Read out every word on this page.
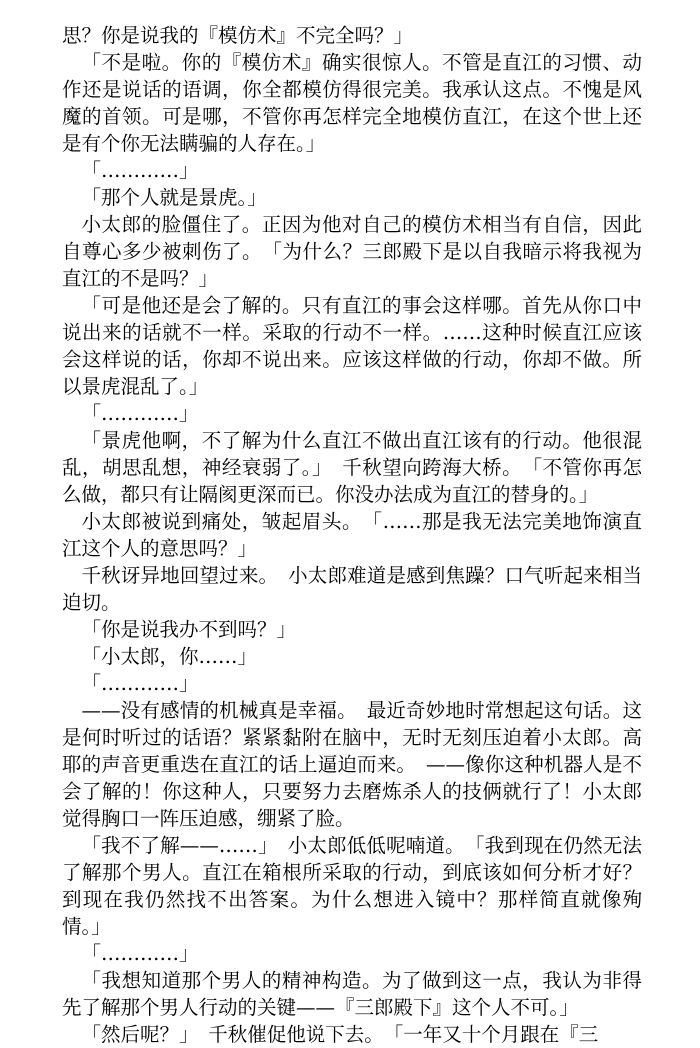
思？你是说我的『模仿术』不完全吗？」

「不是啦。你的『模仿术』确实很惊人。不管是直江的习惯、动作还是说话的语调，你全都模仿得很完美。我承认这点。不愧是风魔的首领。可是哪，不管你再怎样完全地模仿直江，在这个世上还是有个你无法瞒骗的人存在。」

「…………」

「那个人就是景虎。」

小太郎的脸僵住了。正因为他对自己的模仿术相当有自信，因此自尊心多少被刺伤了。　「为什么？三郎殿下是以自我暗示将我视为直江的不是吗？」

「可是他还是会了解的。只有直江的事会这样哪。首先从你口中说出来的话就不一样。采取的行动不一样。……这种时候直江应该会这样说的话，你却不说出来。应该这样做的行动，你却不做。所以景虎混乱了。」

「…………」

「景虎他啊，不了解为什么直江不做出直江该有的行动。他很混乱，胡思乱想，神经衰弱了。」　千秋望向跨海大桥。　「不管你再怎么做，都只有让隔阂更深而已。你没办法成为直江的替身的。」

小太郎被说到痛处，皱起眉头。　「……那是我无法完美地饰演直江这个人的意思吗？」

千秋讶异地回望过来。　小太郎难道是感到焦躁？口气听起来相当迫切。

「你是说我办不到吗？」

「小太郎，你……」

「…………」

——没有感情的机械真是幸福。　最近奇妙地时常想起这句话。这是何时听过的话语？紧紧黏附在脑中，无时无刻压迫着小太郎。高耶的声音更重迭在直江的话上逼迫而来。　——像你这种机器人是不会了解的！你这种人，只要努力去磨炼杀人的技俩就行了！小太郎觉得胸口一阵压迫感，绷紧了脸。

「我不了解——……」　小太郎低低呢喃道。　「我到现在仍然无法了解那个男人。直江在箱根所采取的行动，到底该如何分析才好？到现在我仍然找不出答案。为什么想进入镜中？那样简直就像殉情。」

「…………」

「我想知道那个男人的精神构造。为了做到这一点，我认为非得先了解那个男人行动的关键——『三郎殿下』这个人不可。」

「然后呢？」　千秋催促他说下去。　「一年又十个月跟在『三
